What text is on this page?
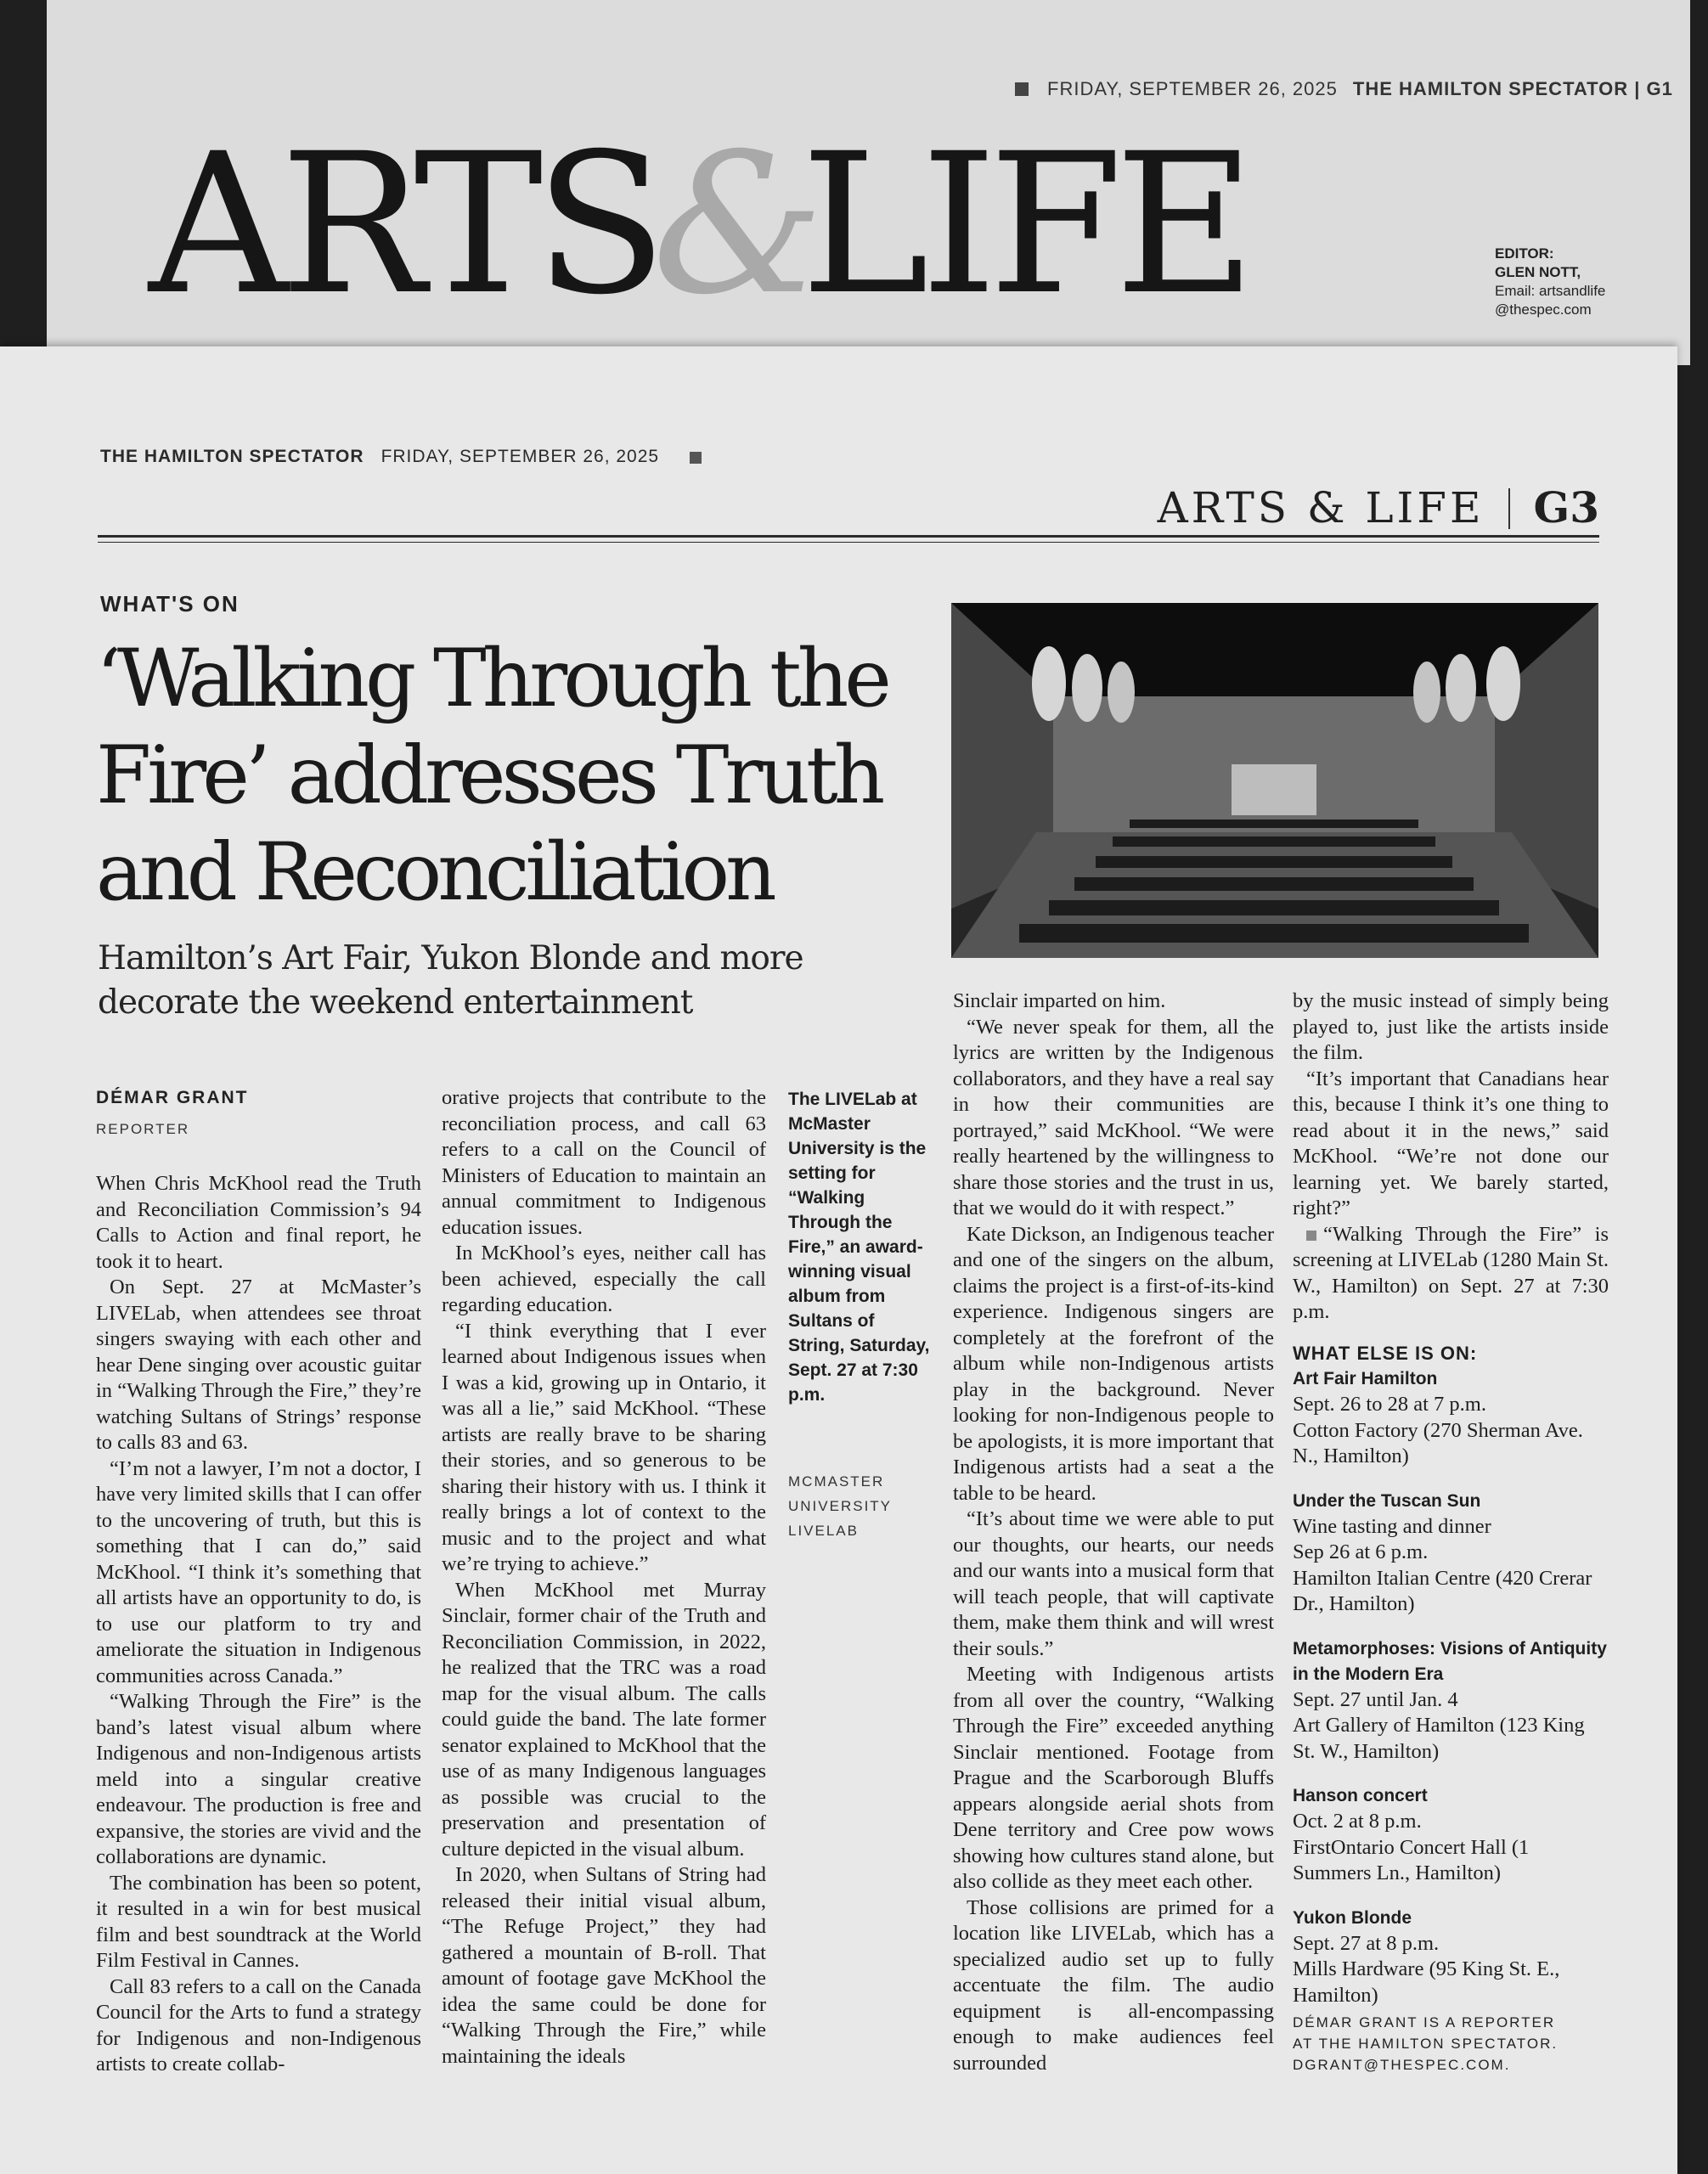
FRIDAY, SEPTEMBER 26, 2025 THE HAMILTON SPECTATOR | G1
ARTS&LIFE	EDITOR:
GLEN NOTT,
Email: artsandlife
@thespec.com
THE HAMILTON SPECTATOR FRIDAY, SEPTEMBER 26, 2025
ARTS & LIFE G3
WHAT'S ON
‘Walking Through the Fire’ addresses Truth and Reconciliation
Hamilton’s Art Fair, Yukon Blonde and more decorate the weekend entertainment
DÉMAR GRANT
REPORTER

When Chris McKhool read the Truth and Reconciliation Commission’s 94 Calls to Action and final report, he took it to heart.

On Sept. 27 at McMaster’s LIVELab, when attendees see throat singers swaying with each other and hear Dene singing over acoustic guitar in “Walking Through the Fire,” they’re watching Sultans of Strings’ response to calls 83 and 63.

“I’m not a lawyer, I’m not a doctor, I have very limited skills that I can offer to the uncovering of truth, but this is something that I can do,” said McKhool. “I think it’s something that all artists have an opportunity to do, is to use our platform to try and ameliorate the situation in Indigenous communities across Canada.”

“Walking Through the Fire” is the band’s latest visual album where Indigenous and non-Indigenous artists meld into a singular creative endeavour. The production is free and expansive, the stories are vivid and the collaborations are dynamic.

The combination has been so potent, it resulted in a win for best musical film and best soundtrack at the World Film Festival in Cannes.

Call 83 refers to a call on the Canada Council for the Arts to fund a strategy for Indigenous and non-Indigenous artists to create collab-

orative projects that contribute to the reconciliation process, and call 63 refers to a call on the Council of Ministers of Education to maintain an annual commitment to Indigenous education issues.

In McKhool’s eyes, neither call has been achieved, especially the call regarding education.

“I think everything that I ever learned about Indigenous issues when I was a kid, growing up in Ontario, it was all a lie,” said McKhool. “These artists are really brave to be sharing their stories, and so generous to be sharing their history with us. I think it really brings a lot of context to the music and to the project and what we’re trying to achieve.”

When McKhool met Murray Sinclair, former chair of the Truth and Reconciliation Commission, in 2022, he realized that the TRC was a road map for the visual album. The calls could guide the band. The late former senator explained to McKhool that the use of as many Indigenous languages as possible was crucial to the preservation and presentation of culture depicted in the visual album.

In 2020, when Sultans of String had released their initial visual album, “The Refuge Project,” they had gathered a mountain of B-roll. That amount of footage gave McKhool the idea the same could be done for “Walking Through the Fire,” while maintaining the ideals

The LIVELab at McMaster University is the setting for “Walking Through the Fire,” an award-winning visual album from Sultans of String, Saturday, Sept. 27 at 7:30 p.m.
MCMASTER
UNIVERSITY
LIVELAB

Sinclair imparted on him.

“We never speak for them, all the lyrics are written by the Indigenous collaborators, and they have a real say in how their communities are portrayed,” said McKhool. “We were really heartened by the willingness to share those stories and the trust in us, that we would do it with respect.”

Kate Dickson, an Indigenous teacher and one of the singers on the album, claims the project is a first-of-its-kind experience. Indigenous singers are completely at the forefront of the album while non-Indigenous artists play in the background. Never looking for non-Indigenous people to be apologists, it is more important that Indigenous artists had a seat a the table to be heard.

“It’s about time we were able to put our thoughts, our hearts, our needs and our wants into a musical form that will teach people, that will captivate them, make them think and will wrest their souls.”

Meeting with Indigenous artists from all over the country, “Walking Through the Fire” exceeded anything Sinclair mentioned. Footage from Prague and the Scarborough Bluffs appears alongside aerial shots from Dene territory and Cree pow wows showing how cultures stand alone, but also collide as they meet each other.

Those collisions are primed for a location like LIVELab, which has a specialized audio set up to fully accentuate the film. The audio equipment is all-encompassing enough to make audiences feel surrounded

by the music instead of simply being played to, just like the artists inside the film.

“It’s important that Canadians hear this, because I think it’s one thing to read about it in the news,” said McKhool. “We’re not done our learning yet. We barely started, right?”

“Walking Through the Fire” is screening at LIVELab (1280 Main St. W., Hamilton) on Sept. 27 at 7:30 p.m.

WHAT ELSE IS ON:
Art Fair Hamilton
Sept. 26 to 28 at 7 p.m.
Cotton Factory (270 Sherman Ave. N., Hamilton)
Under the Tuscan Sun
Wine tasting and dinner
Sep 26 at 6 p.m.
Hamilton Italian Centre (420 Crerar Dr., Hamilton)
Metamorphoses: Visions of Antiquity in the Modern Era
Sept. 27 until Jan. 4
Art Gallery of Hamilton (123 King St. W., Hamilton)
Hanson concert
Oct. 2 at 8 p.m.
FirstOntario Concert Hall (1 Summers Ln., Hamilton)
Yukon Blonde
Sept. 27 at 8 p.m.
Mills Hardware (95 King St. E., Hamilton)
DÉMAR GRANT IS A REPORTER
AT THE HAMILTON SPECTATOR.
DGRANT@THESPEC.COM.
